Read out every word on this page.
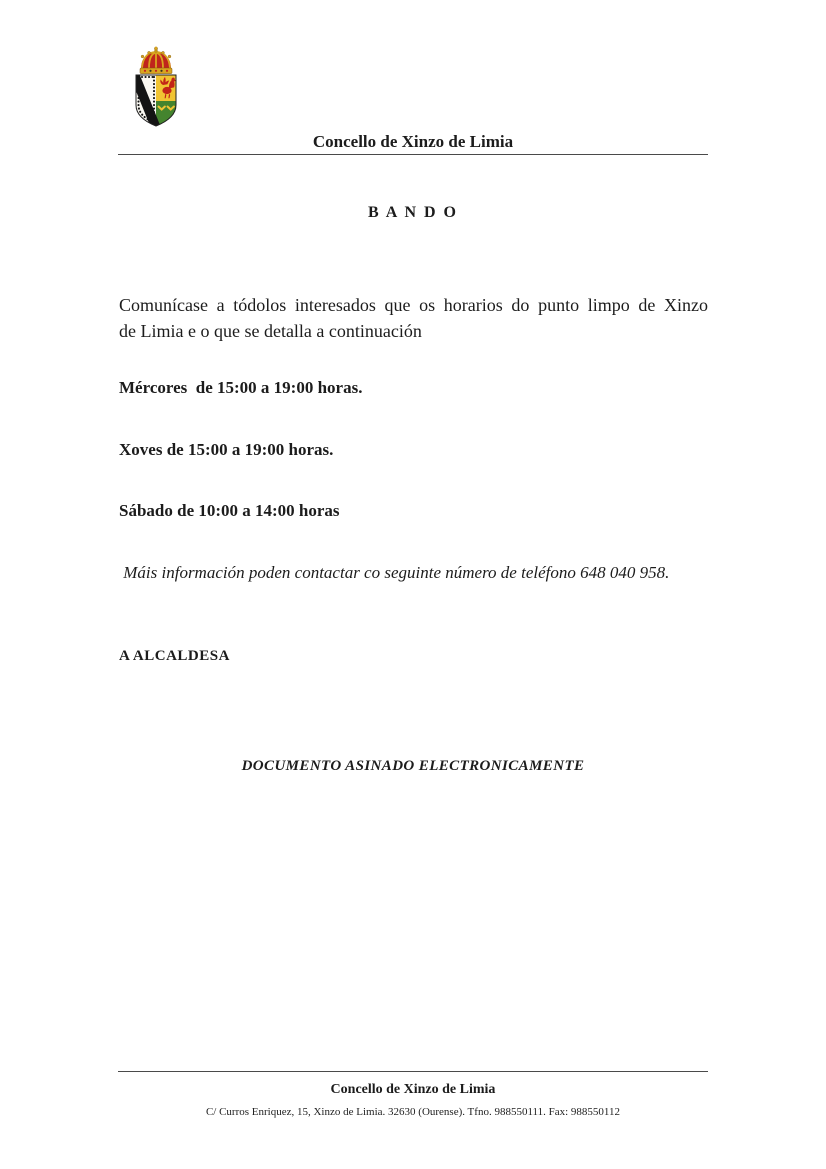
Concello de Xinzo de Limia
B A N D O
Comunícase a tódolos interesados que os horarios do punto limpo de Xinzo
de Limia e o que se detalla a continuación
Mércores  de 15:00 a 19:00 horas.
Xoves de 15:00 a 19:00 horas.
Sábado de 10:00 a 14:00 horas
Máis información poden contactar co seguinte número de teléfono 648 040 958.
A ALCALDESA
DOCUMENTO ASINADO ELECTRONICAMENTE
Concello de Xinzo de Limia
C/ Curros Enriquez, 15, Xinzo de Limia. 32630 (Ourense). Tfno. 988550111. Fax: 988550112
